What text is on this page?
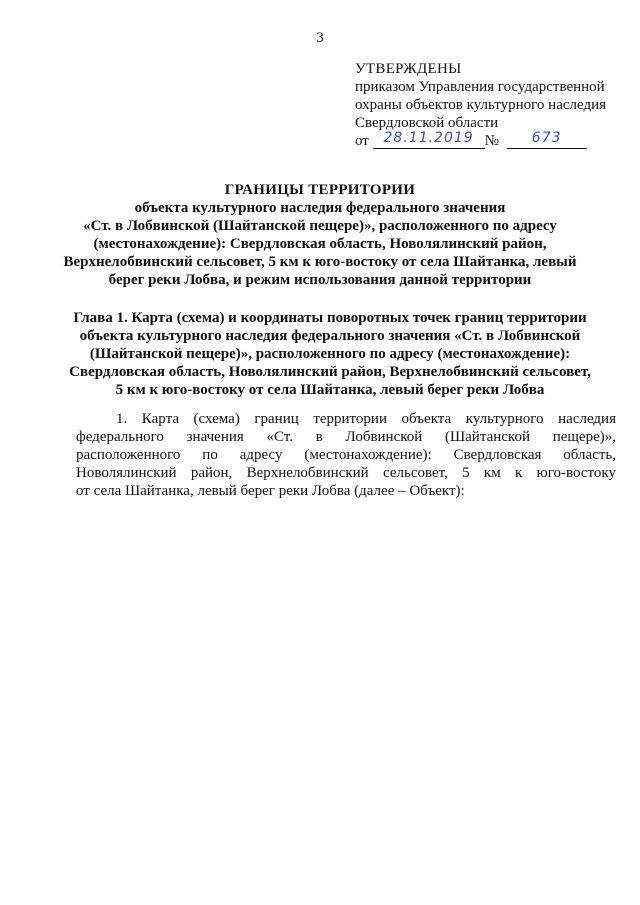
3
УТВЕРЖДЕНЫ
приказом Управления государственной
охраны объектов культурного наследия
Свердловской области
от 28.11.2019 № 673
ГРАНИЦЫ ТЕРРИТОРИИ
объекта культурного наследия федерального значения
«Ст. в Лобвинской (Шайтанской пещере)», расположенного по адресу
(местонахождение): Свердловская область, Новолялинский район,
Верхнелобвинский сельсовет, 5 км к юго-востоку от села Шайтанка, левый
берег реки Лобва, и режим использования данной территории
Глава 1. Карта (схема) и координаты поворотных точек границ территории
объекта культурного наследия федерального значения «Ст. в Лобвинской
(Шайтанской пещере)», расположенного по адресу (местонахождение):
Свердловская область, Новолялинский район, Верхнелобвинский сельсовет,
5 км к юго-востоку от села Шайтанка, левый берег реки Лобва
1. Карта (схема) границ территории объекта культурного наследия
федерального значения «Ст. в Лобвинской (Шайтанской пещере)»,
расположенного по адресу (местонахождение): Свердловская область,
Новолялинский район, Верхнелобвинский сельсовет, 5 км к юго-востоку
от села Шайтанка, левый берег реки Лобва (далее – Объект):
